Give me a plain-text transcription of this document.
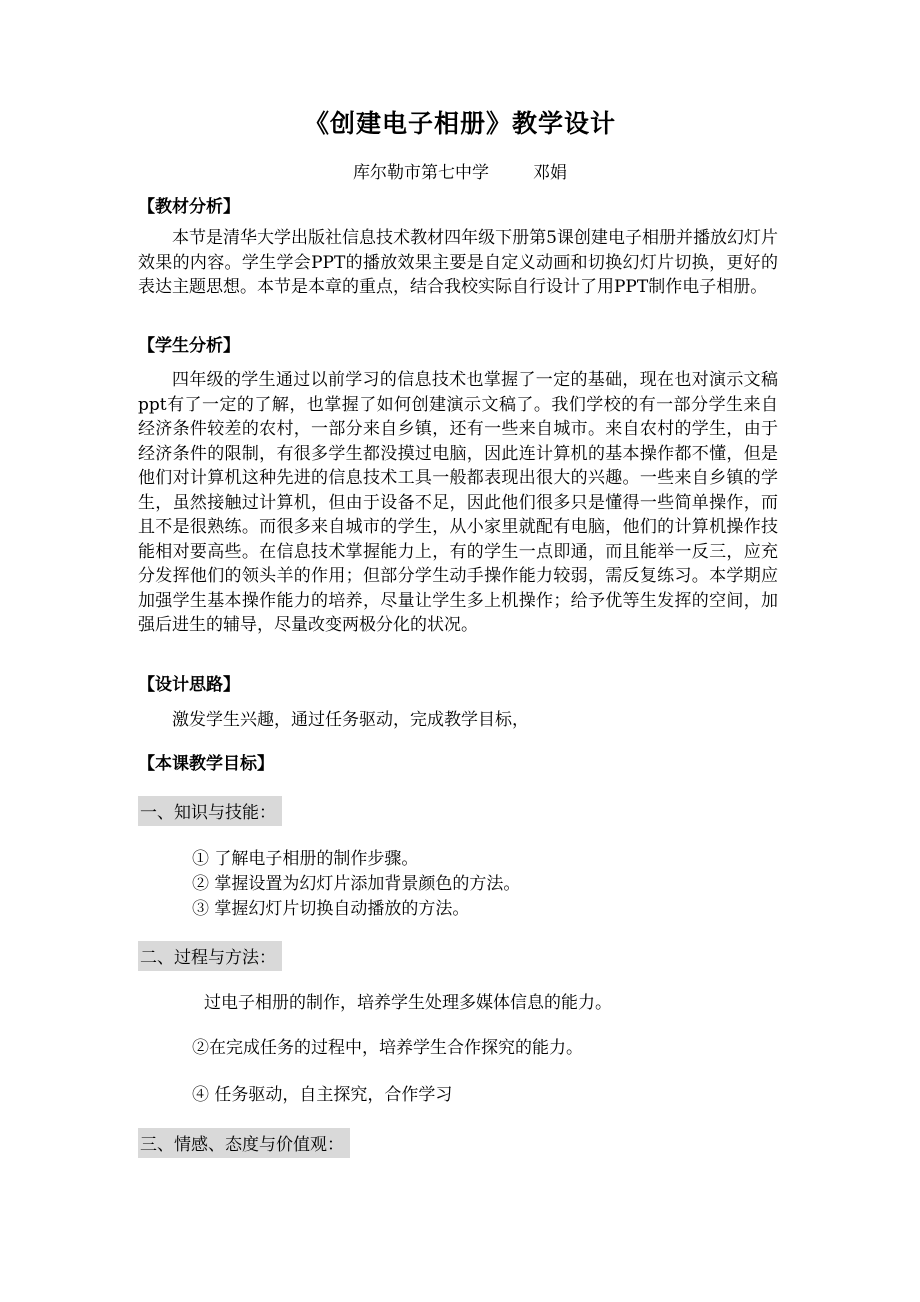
《创建电子相册》教学设计
库尔勒市第七中学	邓娟
【教材分析】

本节是清华大学出版社信息技术教材四年级下册第5课创建电子相册并播放幻灯片效果的内容。学生学会PPT的播放效果主要是自定义动画和切换幻灯片切换，更好的表达主题思想。本节是本章的重点，结合我校实际自行设计了用PPT制作电子相册。

【学生分析】

四年级的学生通过以前学习的信息技术也掌握了一定的基础，现在也对演示文稿ppt有了一定的了解，也掌握了如何创建演示文稿了。我们学校的有一部分学生来自经济条件较差的农村，一部分来自乡镇，还有一些来自城市。来自农村的学生，由于经济条件的限制，有很多学生都没摸过电脑，因此连计算机的基本操作都不懂，但是他们对计算机这种先进的信息技术工具一般都表现出很大的兴趣。一些来自乡镇的学生，虽然接触过计算机，但由于设备不足，因此他们很多只是懂得一些简单操作，而且不是很熟练。而很多来自城市的学生，从小家里就配有电脑，他们的计算机操作技能相对要高些。在信息技术掌握能力上，有的学生一点即通，而且能举一反三，应充分发挥他们的领头羊的作用；但部分学生动手操作能力较弱，需反复练习。本学期应加强学生基本操作能力的培养，尽量让学生多上机操作；给予优等生发挥的空间，加强后进生的辅导，尽量改变两极分化的状况。

【设计思路】
激发学生兴趣，通过任务驱动，完成教学目标，
【本课教学目标】
一、知识与技能：
① 了解电子相册的制作步骤。
② 掌握设置为幻灯片添加背景颜色的方法。
③ 掌握幻灯片切换自动播放的方法。
二、过程与方法：
过电子相册的制作，培养学生处理多媒体信息的能力。
②在完成任务的过程中，培养学生合作探究的能力。
④ 任务驱动，自主探究，合作学习
三、情感、态度与价值观：
